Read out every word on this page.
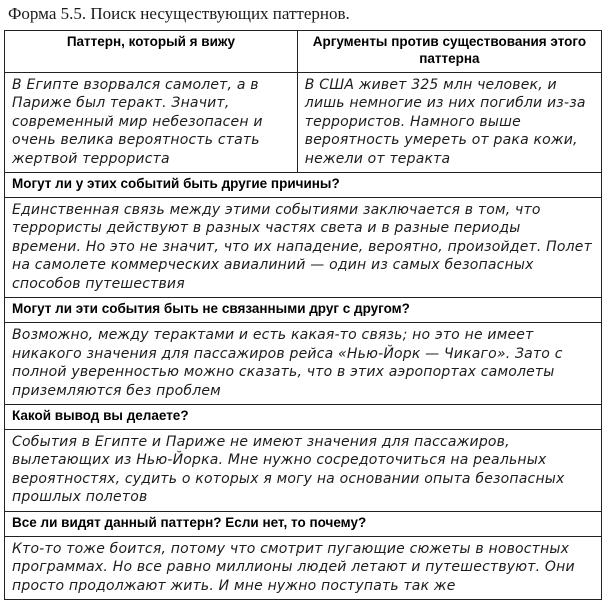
Форма 5.5. Поиск несуществующих паттернов.
Паттерн, который я вижу	Аргументы против существования этого паттерна
В Египте взорвался самолет, а в Париже был теракт. Значит, современный мир небезопасен и очень велика вероятность стать жертвой террориста	В США живет 325 млн человек, и лишь немногие из них погибли из-за террористов. Намного выше вероятность умереть от рака кожи, нежели от теракта
Могут ли у этих событий быть другие причины?	
Единственная связь между этими событиями заключается в том, что террористы действуют в разных частях света и в разные периоды времени. Но это не значит, что их нападение, вероятно, произойдет. Полет на самолете коммерческих авиалиний — один из самых безопасных способов путешествия	
Могут ли эти события быть не связанными друг с другом?	
Возможно, между терактами и есть какая-то связь; но это не имеет никакого значения для пассажиров рейса «Нью-Йорк — Чикаго». Зато с полной уверенностью можно сказать, что в этих аэропортах самолеты приземляются без проблем	
Какой вывод вы делаете?	
События в Египте и Париже не имеют значения для пассажиров, вылетающих из Нью-Йорка. Мне нужно сосредоточиться на реальных вероятностях, судить о которых я могу на основании опыта безопасных прошлых полетов	
Все ли видят данный паттерн? Если нет, то почему?	
Кто-то тоже боится, потому что смотрит пугающие сюжеты в новостных программах. Но все равно миллионы людей летают и путешествуют. Они просто продолжают жить. И мне нужно поступать так же	
